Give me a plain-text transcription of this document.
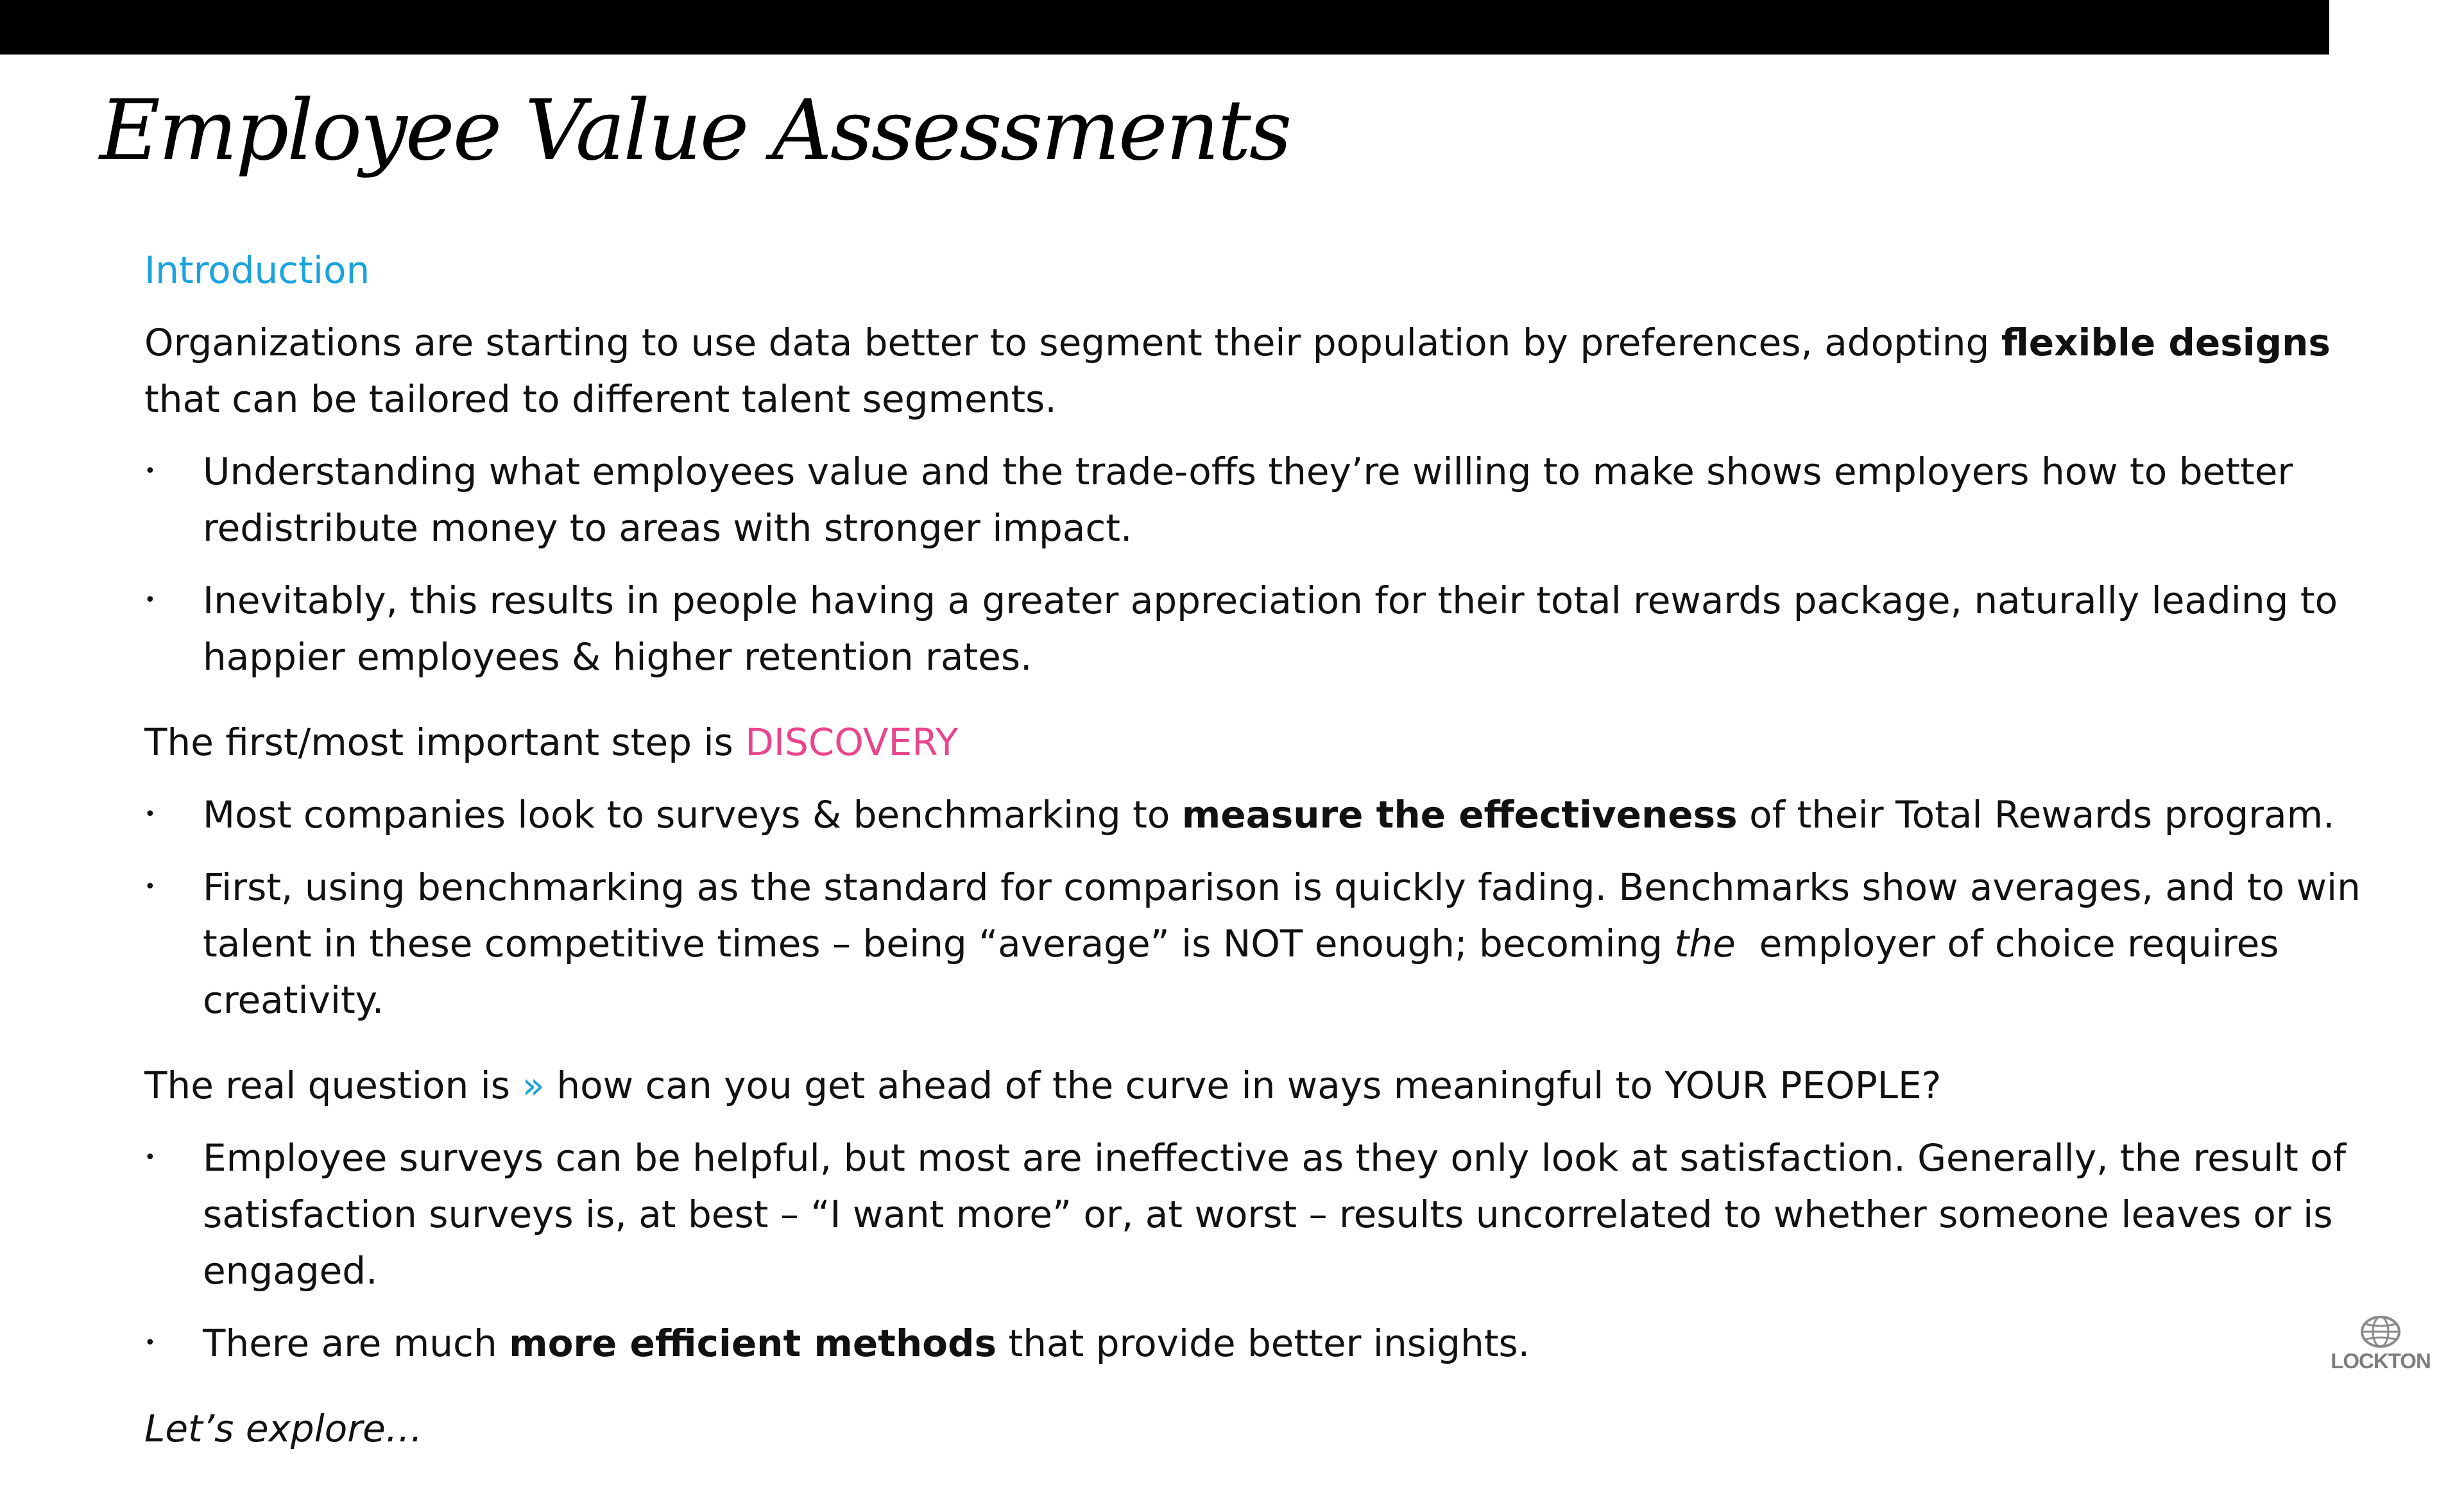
Employee Value Assessments

Introduction

Organizations are starting to use data better to segment their population by preferences, adopting flexible designs that can be tailored to different talent segments.

• Understanding what employees value and the trade-offs they’re willing to make shows employers how to better redistribute money to areas with stronger impact.
• Inevitably, this results in people having a greater appreciation for their total rewards package, naturally leading to happier employees & higher retention rates.

The first/most important step is DISCOVERY

• Most companies look to surveys & benchmarking to measure the effectiveness of their Total Rewards program.
• First, using benchmarking as the standard for comparison is quickly fading. Benchmarks show averages, and to win talent in these competitive times – being “average” is NOT enough; becoming the  employer of choice requires creativity.

The real question is » how can you get ahead of the curve in ways meaningful to YOUR PEOPLE?

• Employee surveys can be helpful, but most are ineffective as they only look at satisfaction. Generally, the result of satisfaction surveys is, at best – “I want more” or, at worst – results uncorrelated to whether someone leaves or is engaged.
• There are much more efficient methods that provide better insights.

Let’s explore…

LOCKTON
